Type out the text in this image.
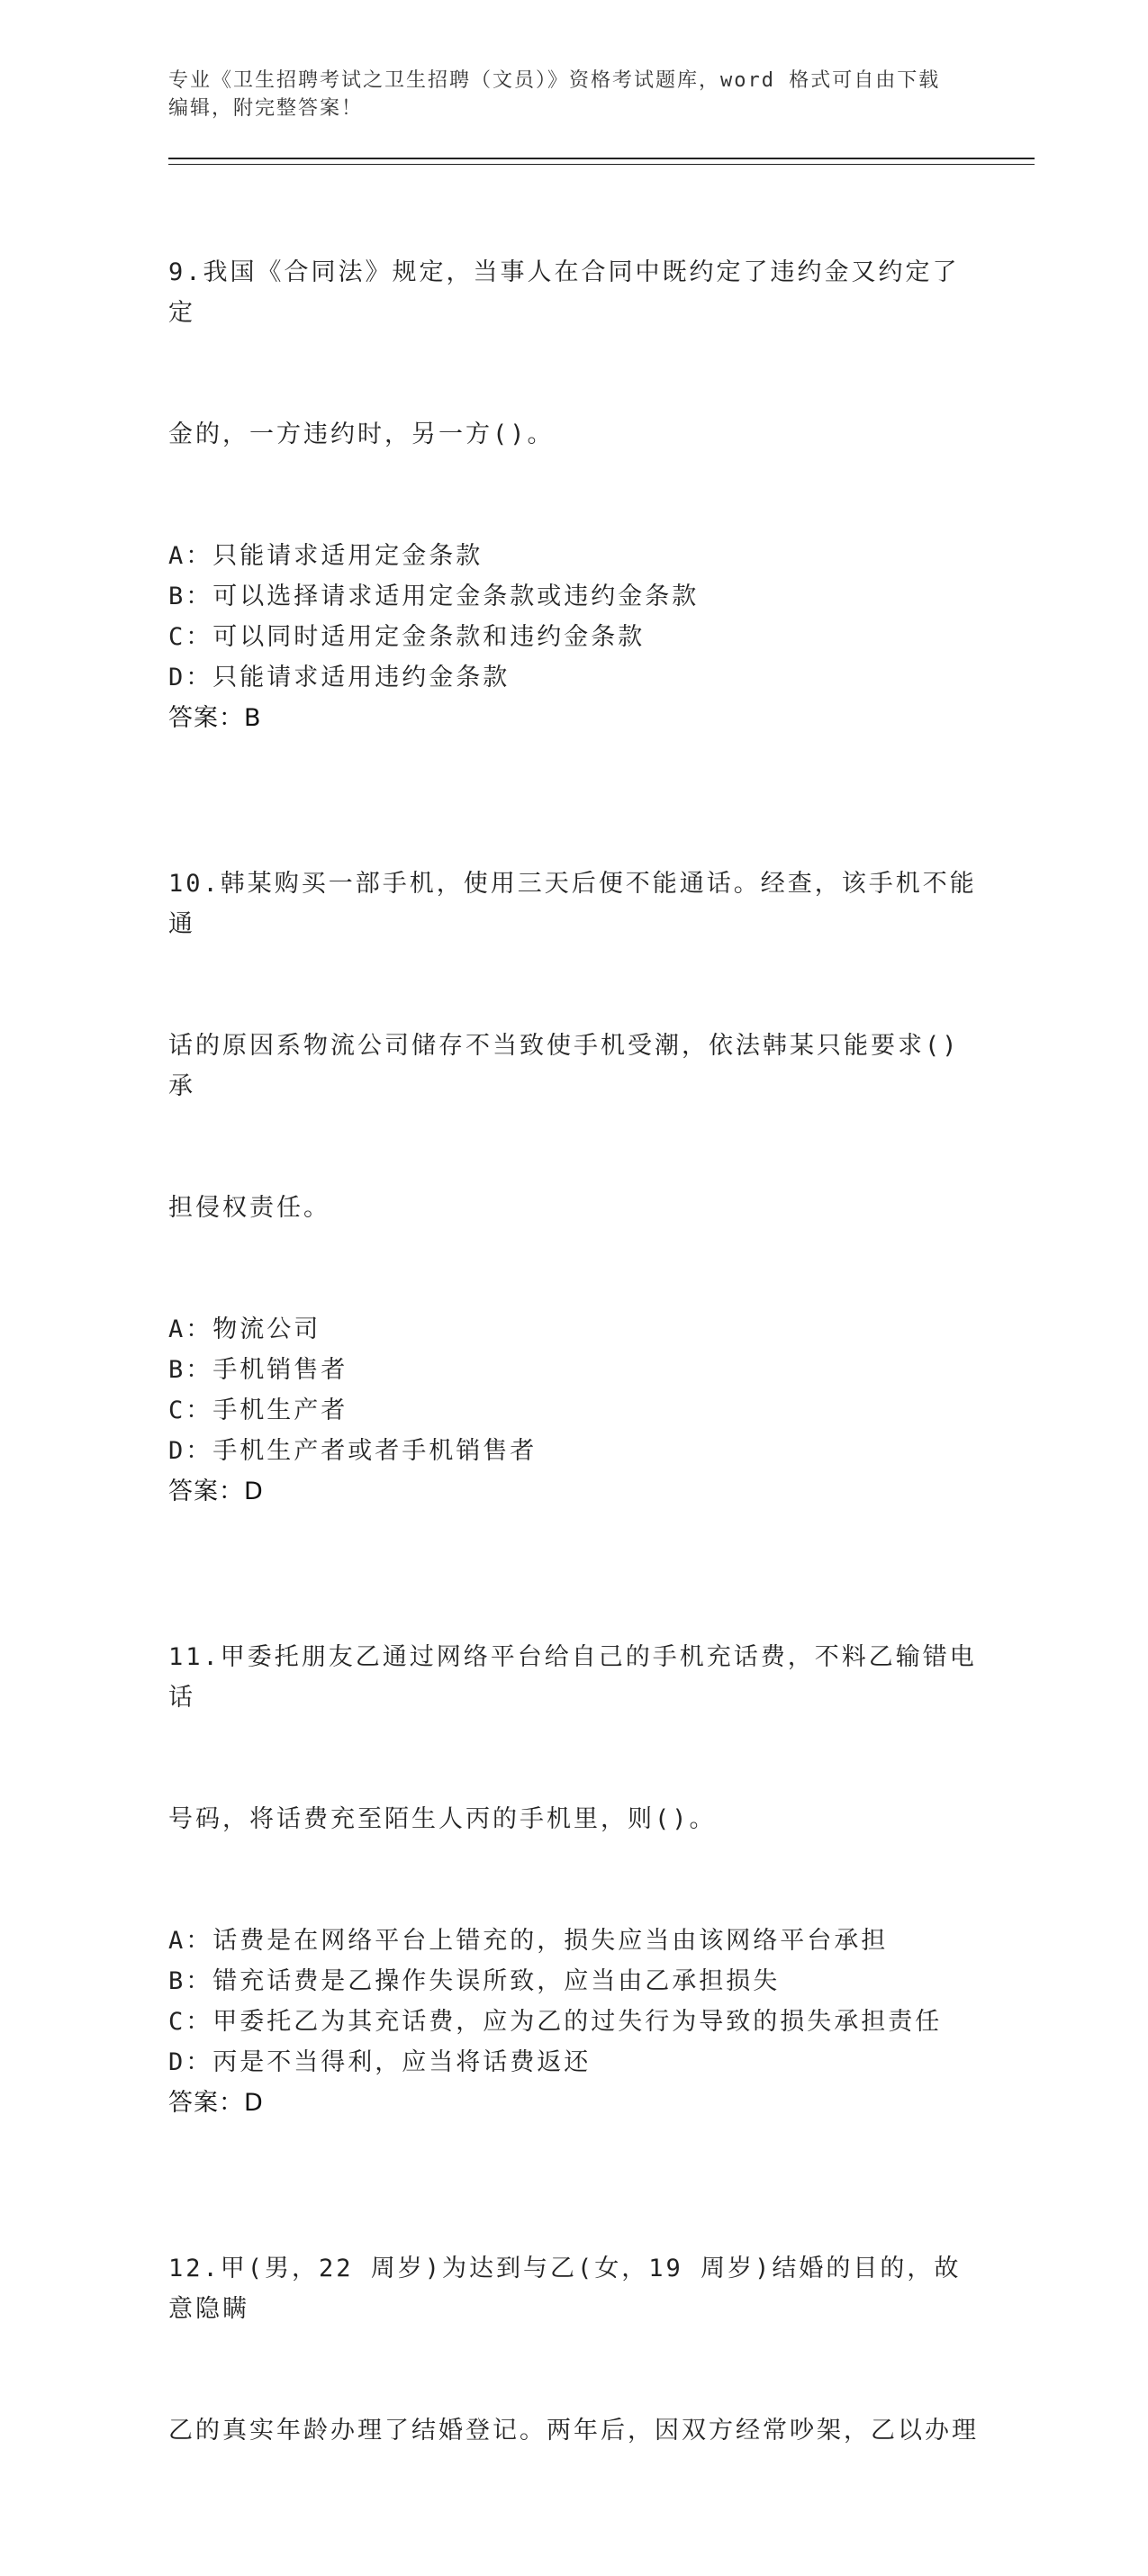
专业《卫生招聘考试之卫生招聘（文员）》资格考试题库，word 格式可自由下载
编辑，附完整答案！

9.我国《合同法》规定，当事人在合同中既约定了违约金又约定了定

金的，一方违约时，另一方()。

A：只能请求适用定金条款
B：可以选择请求适用定金条款或违约金条款
C：可以同时适用定金条款和违约金条款
D：只能请求适用违约金条款
答案：B

10.韩某购买一部手机，使用三天后便不能通话。经查，该手机不能通

话的原因系物流公司储存不当致使手机受潮，依法韩某只能要求()承

担侵权责任。

A：物流公司
B：手机销售者
C：手机生产者
D：手机生产者或者手机销售者
答案：D

11.甲委托朋友乙通过网络平台给自己的手机充话费，不料乙输错电话

号码，将话费充至陌生人丙的手机里，则()。

A：话费是在网络平台上错充的，损失应当由该网络平台承担
B：错充话费是乙操作失误所致，应当由乙承担损失
C：甲委托乙为其充话费，应为乙的过失行为导致的损失承担责任
D：丙是不当得利，应当将话费返还
答案：D

12.甲(男，22 周岁)为达到与乙(女，19 周岁)结婚的目的，故意隐瞒

乙的真实年龄办理了结婚登记。两年后，因双方经常吵架，乙以办理
